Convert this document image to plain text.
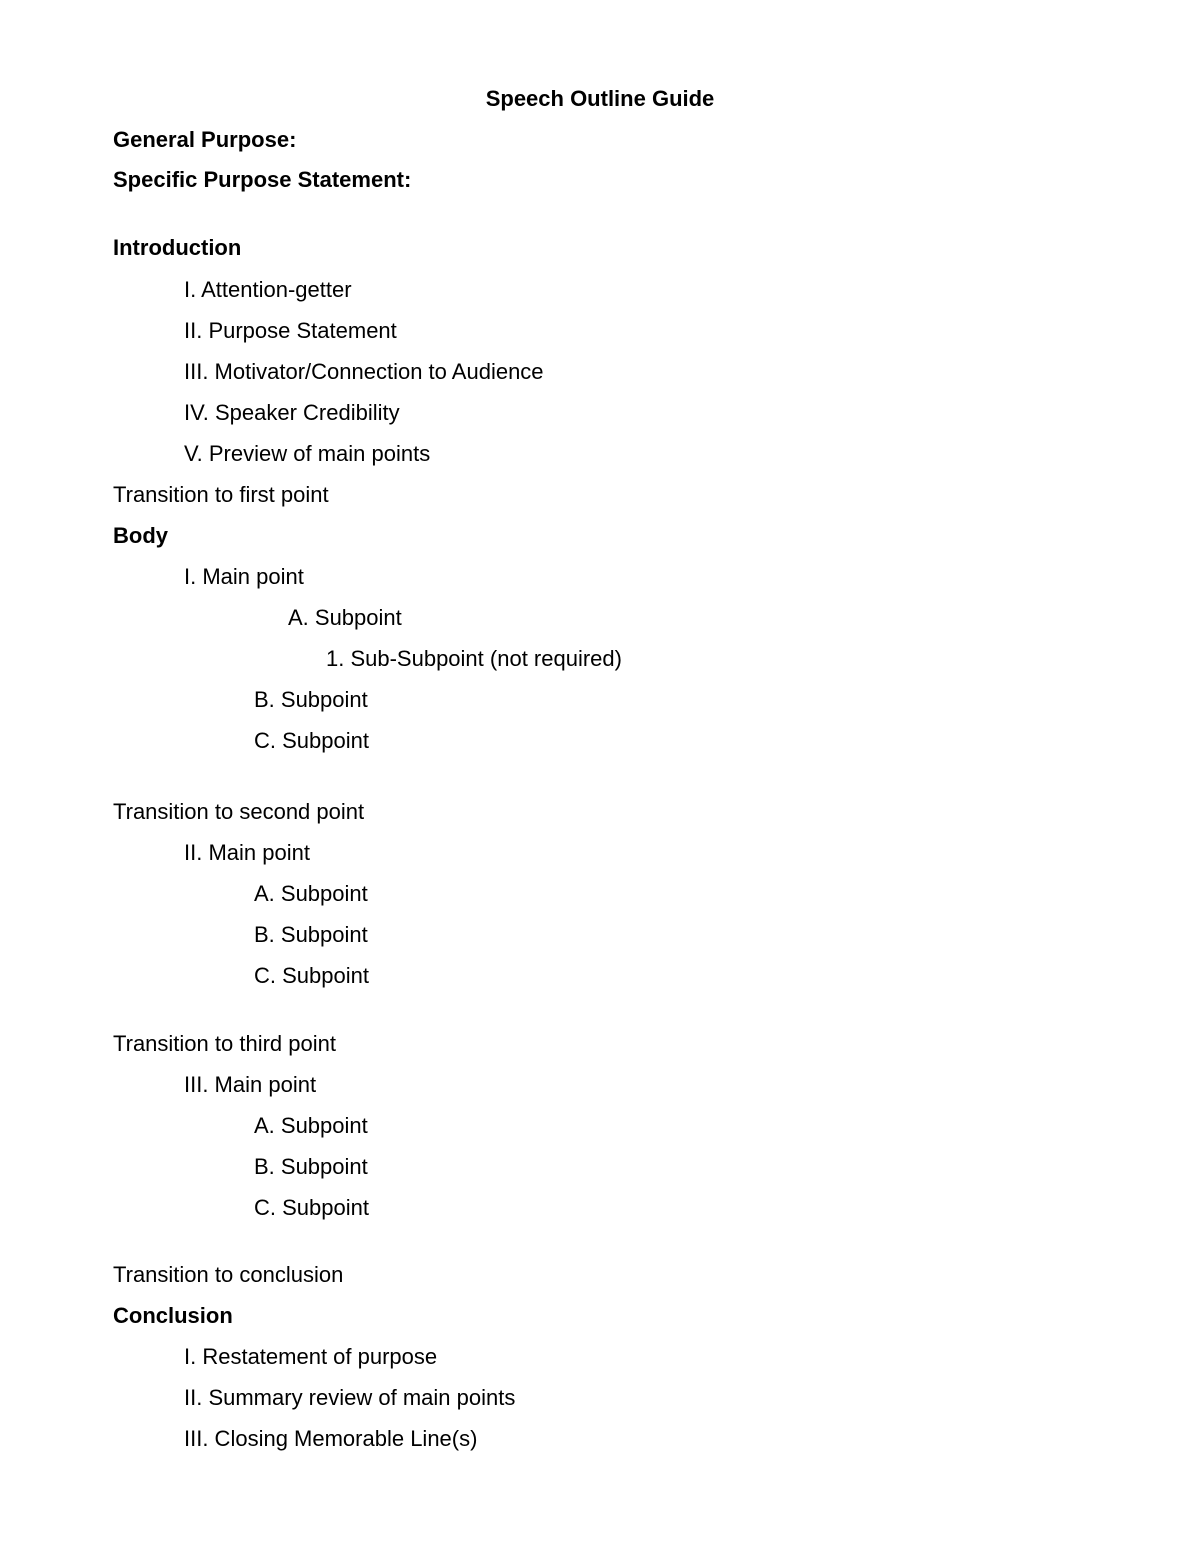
Speech Outline Guide

General Purpose:

Specific Purpose Statement:

Introduction

I. Attention-getter

II. Purpose Statement

III. Motivator/Connection to Audience

IV. Speaker Credibility

V. Preview of main points

Transition to first point

Body

I. Main point

A. Subpoint

1. Sub-Subpoint (not required)

B. Subpoint

C. Subpoint

Transition to second point

II. Main point

A. Subpoint

B. Subpoint

C. Subpoint

Transition to third point

III. Main point

A. Subpoint

B. Subpoint

C. Subpoint

Transition to conclusion

Conclusion

I. Restatement of purpose

II. Summary review of main points

III. Closing Memorable Line(s)
